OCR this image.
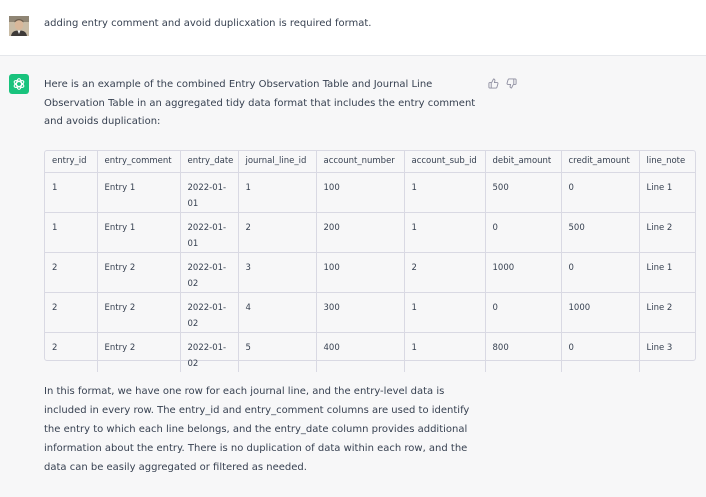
adding entry comment and avoid duplicxation is required format.
Here is an example of the combined Entry Observation Table and Journal Line Observation Table in an aggregated tidy data format that includes the entry comment and avoids duplication:
entry_id	entry_comment	entry_date	journal_line_id	account_number	account_sub_id	debit_amount	credit_amount	line_note
1	Entry 1	2022-01-01	1	100	1	500	0	Line 1
1	Entry 1	2022-01-01	2	200	1	0	500	Line 2
2	Entry 2	2022-01-02	3	100	2	1000	0	Line 1
2	Entry 2	2022-01-02	4	300	1	0	1000	Line 2
2	Entry 2	2022-01-02	5	400	1	800	0	Line 3
In this format, we have one row for each journal line, and the entry-level data is included in every row. The entry_id and entry_comment columns are used to identify the entry to which each line belongs, and the entry_date column provides additional information about the entry. There is no duplication of data within each row, and the data can be easily aggregated or filtered as needed.
